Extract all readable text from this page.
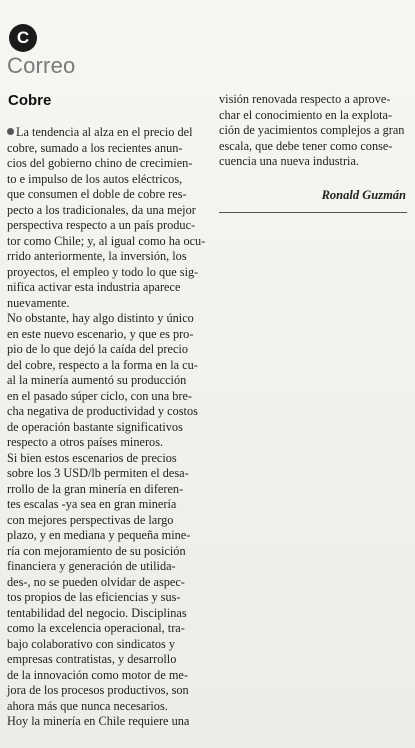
C
Correo
Cobre
La tendencia al alza en el precio del
cobre, sumado a los recientes anun-
cios del gobierno chino de crecimien-
to e impulso de los autos eléctricos,
que consumen el doble de cobre res-
pecto a los tradicionales, da una mejor
perspectiva respecto a un país produc-
tor como Chile; y, al igual como ha ocu-
rrido anteriormente, la inversión, los
proyectos, el empleo y todo lo que sig-
nifica activar esta industria aparece
nuevamente.
No obstante, hay algo distinto y único
en este nuevo escenario, y que es pro-
pio de lo que dejó la caída del precio
del cobre, respecto a la forma en la cu-
al la minería aumentó su producción
en el pasado súper ciclo, con una bre-
cha negativa de productividad y costos
de operación bastante significativos
respecto a otros países mineros.
Si bien estos escenarios de precios
sobre los 3 USD/lb permiten el desa-
rrollo de la gran minería en diferen-
tes escalas -ya sea en gran minería
con mejores perspectivas de largo
plazo, y en mediana y pequeña mine-
ría con mejoramiento de su posición
financiera y generación de utilida-
des-, no se pueden olvidar de aspec-
tos propios de las eficiencias y sus-
tentabilidad del negocio. Disciplinas
como la excelencia operacional, tra-
bajo colaborativo con sindicatos y
empresas contratistas, y desarrollo
de la innovación como motor de me-
jora de los procesos productivos, son
ahora más que nunca necesarios.
Hoy la minería en Chile requiere una
visión renovada respecto a aprove-
char el conocimiento en la explota-
ción de yacimientos complejos a gran
escala, que debe tener como conse-
cuencia una nueva industria.
Ronald Guzmán
